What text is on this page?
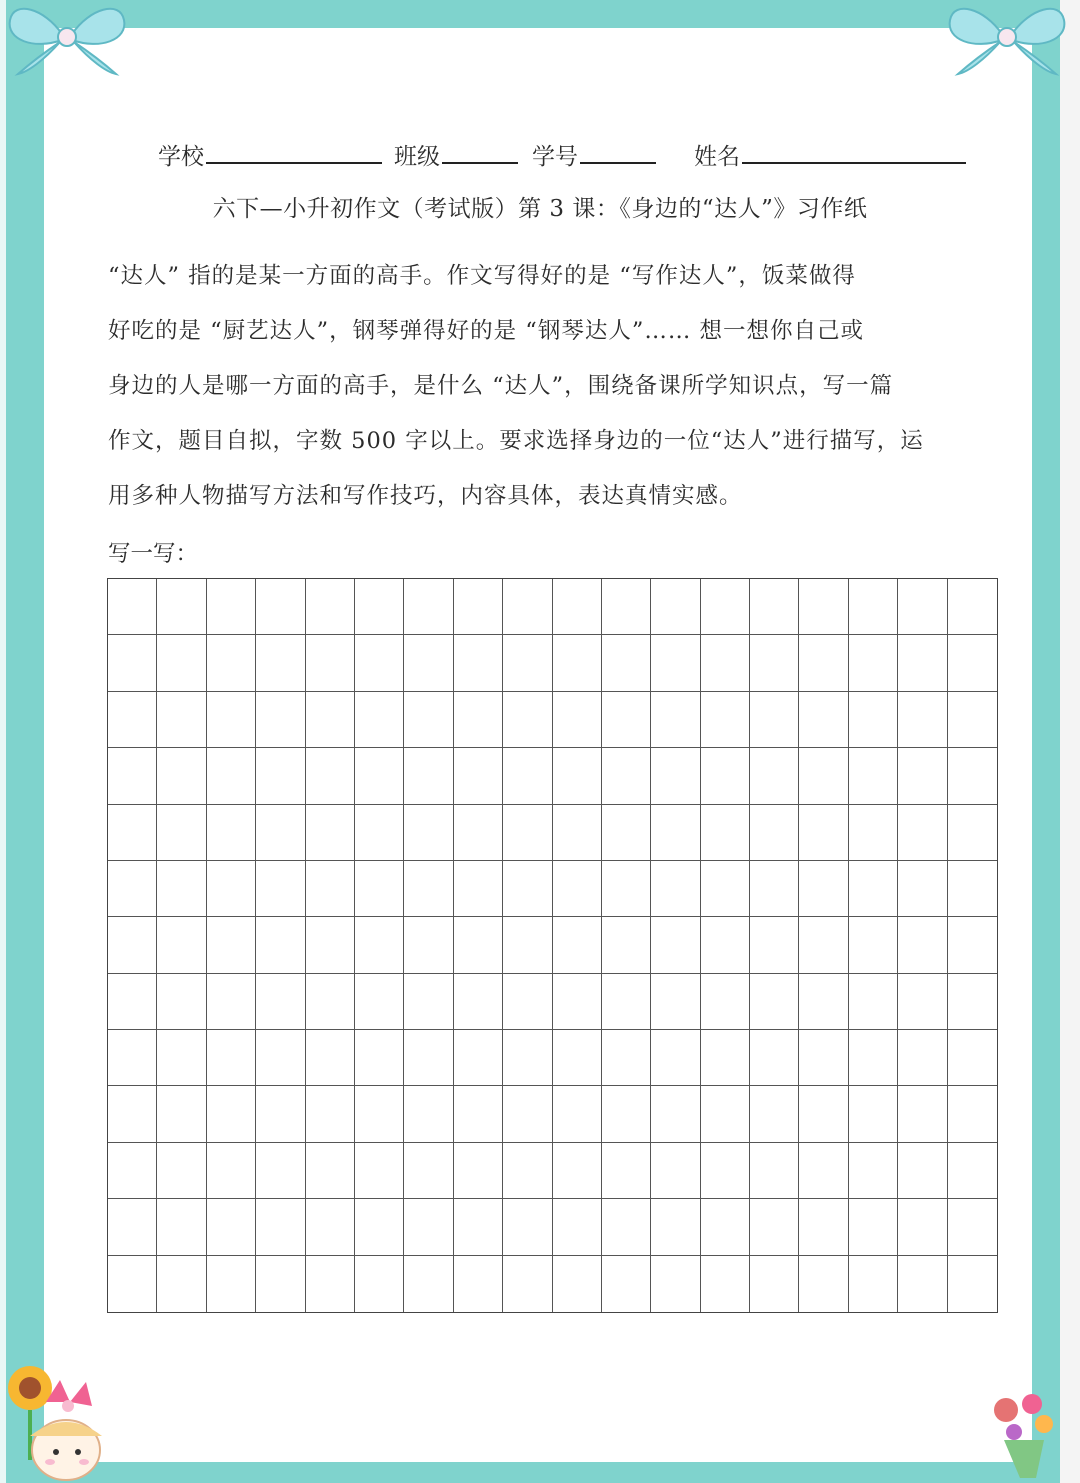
学校	班级	学号	姓名
六下—小升初作文（考试版）第 3 课：《身边的“达人”》习作纸
“达人” 指的是某一方面的高手。作文写得好的是 “写作达人”，饭菜做得
好吃的是 “厨艺达人”，钢琴弹得好的是 “钢琴达人”…… 想一想你自己或
身边的人是哪一方面的高手，是什么 “达人”，围绕备课所学知识点，写一篇
作文，题目自拟，字数 500 字以上。要求选择身边的一位“达人”进行描写，运
用多种人物描写方法和写作技巧，内容具体，表达真情实感。
写一写：
